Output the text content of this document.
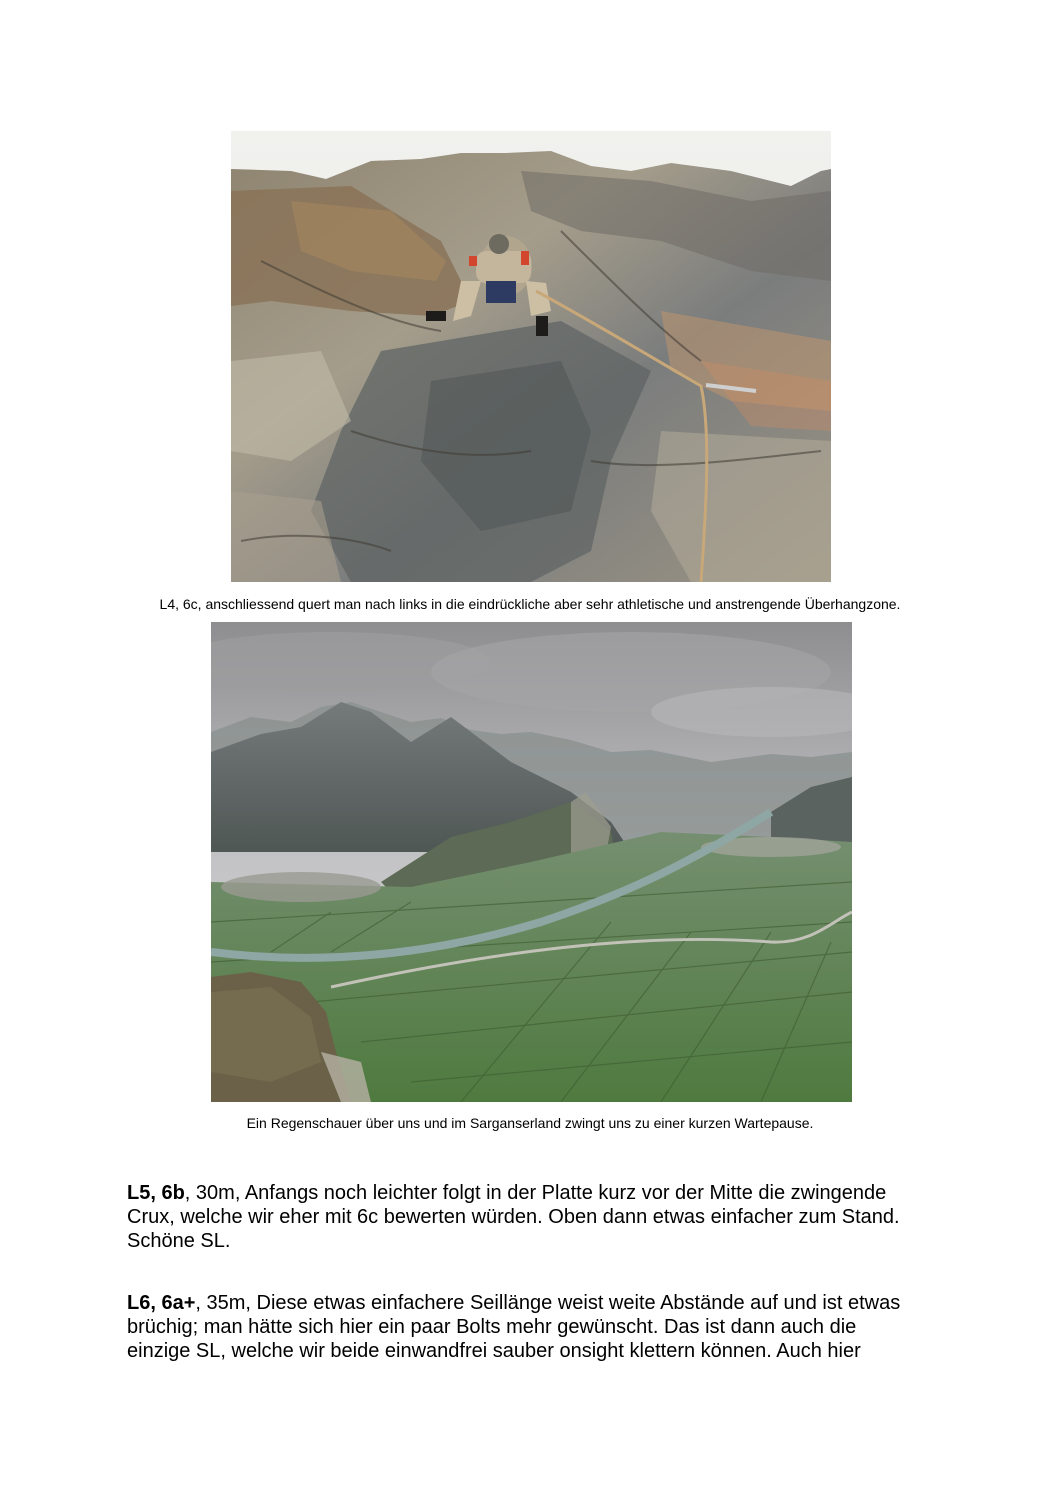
L4, 6c, anschliessend quert man nach links in die eindrückliche aber sehr athletische und anstrengende Überhangzone.
Ein Regenschauer über uns und im Sarganserland zwingt uns zu einer kurzen Wartepause.
L5, 6b, 30m, Anfangs noch leichter folgt in der Platte kurz vor der Mitte die zwingende
Crux, welche wir eher mit 6c bewerten würden. Oben dann etwas einfacher zum Stand.
Schöne SL.
L6, 6a+, 35m, Diese etwas einfachere Seillänge weist weite Abstände auf und ist etwas
brüchig; man hätte sich hier ein paar Bolts mehr gewünscht. Das ist dann auch die
einzige SL, welche wir beide einwandfrei sauber onsight klettern können. Auch hier
